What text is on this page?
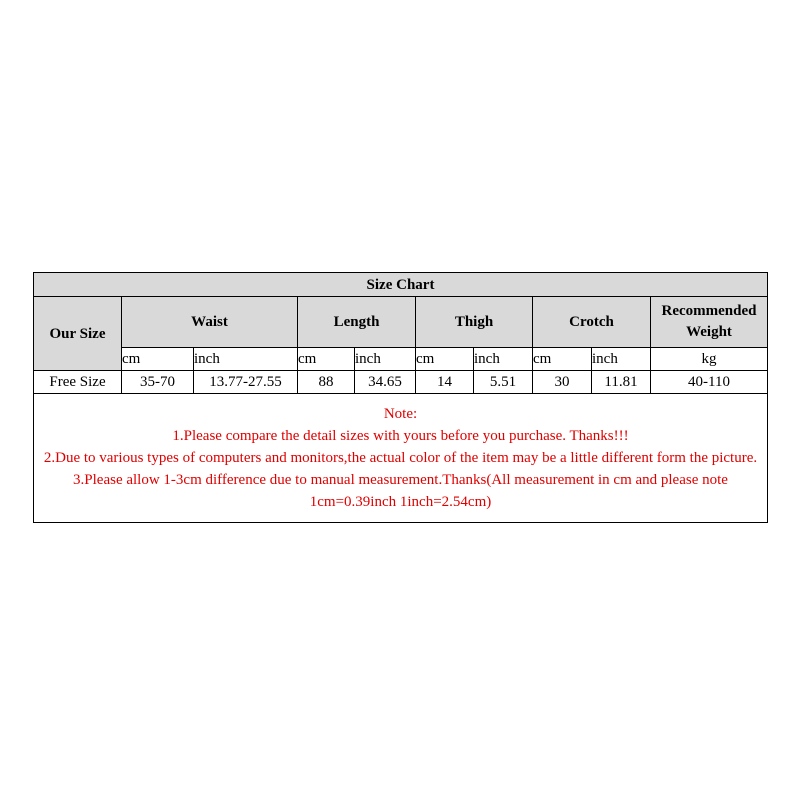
Size Chart									
Our Size	Waist		Length		Thigh		Crotch		Recommended Weight
	cm	inch	cm	inch	cm	inch	cm	inch	kg
Free Size	35-70	13.77-27.55	88	34.65	14	5.51	30	11.81	40-110

Note:
1.Please compare the detail sizes with yours before you purchase. Thanks!!!
2.Due to various types of computers and monitors,the actual color of the item may be a little different form the picture.
3.Please allow 1-3cm difference due to manual measurement.Thanks(All measurement in cm and please note 1cm=0.39inch 1inch=2.54cm)									
